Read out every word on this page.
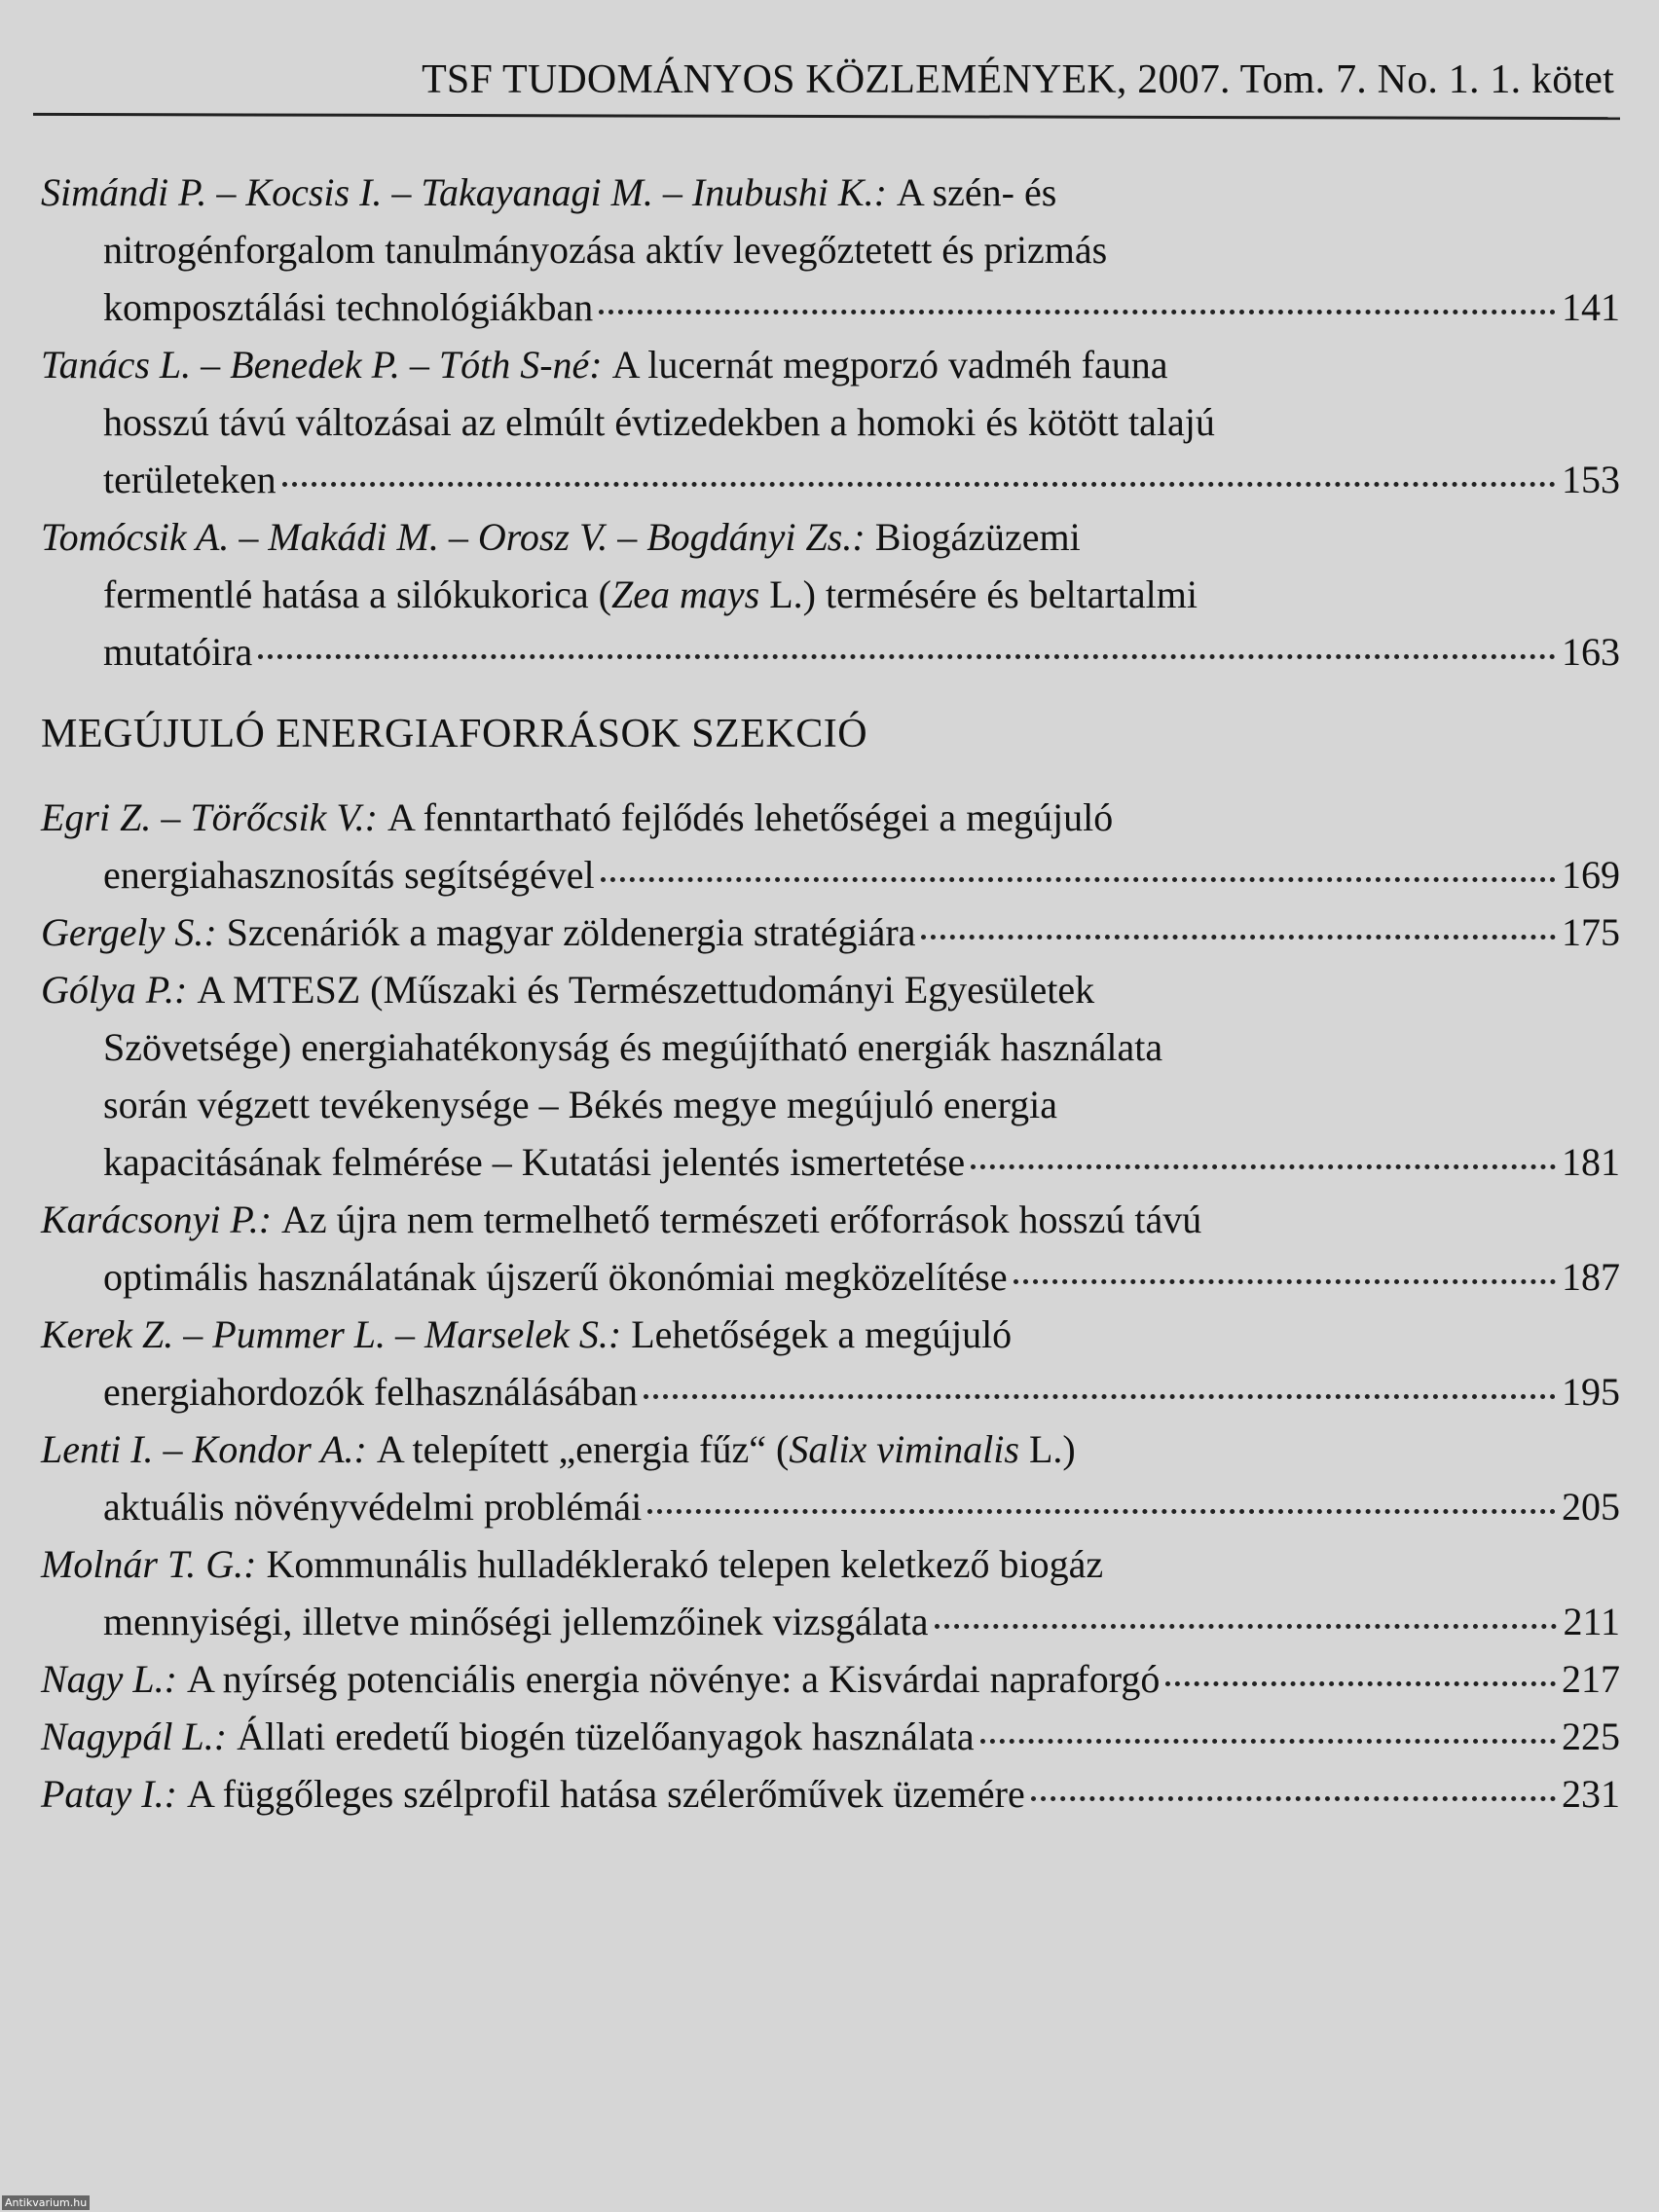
TSF TUDOMÁNYOS KÖZLEMÉNYEK, 2007. Tom. 7. No. 1. 1. kötet
Simándi P. – Kocsis I. – Takayanagi M. – Inubushi K.:
A szén- és
nitrogénforgalom tanulmányozása aktív levegőztetett és prizmás
komposztálási technológiákban	141
Tanács L. – Benedek P. – Tóth S-né:
A lucernát megporzó vadméh fauna
hosszú távú változásai az elmúlt évtizedekben a homoki és kötött talajú
területeken	153
Tomócsik A. – Makádi M. – Orosz V. – Bogdányi Zs.:
Biogázüzemi
fermentlé hatása a silókukorica ( Zea mays L.) termésére és beltartalmi
mutatóira	163
MEGÚJULÓ ENERGIAFORRÁSOK SZEKCIÓ
Egri Z. – Törőcsik V.:
A fenntartható fejlődés lehetőségei a megújuló
energiahasznosítás segítségével	169
Gergely S.:
Szcenáriók a magyar zöldenergia stratégiára	175
Gólya P.:
A MTESZ (Műszaki és Természettudományi Egyesületek
Szövetsége) energiahatékonyság és megújítható energiák használata
során végzett tevékenysége – Békés megye megújuló energia
kapacitásának felmérése – Kutatási jelentés ismertetése	181
Karácsonyi P.:
Az újra nem termelhető természeti erőforrások hosszú távú
optimális használatának újszerű ökonómiai megközelítése	187
Kerek Z. – Pummer L. – Marselek S.:
Lehetőségek a megújuló
energiahordozók felhasználásában	195
Lenti I. – Kondor A.:
A telepített „energia fűz“ ( Salix viminalis L.)
aktuális növényvédelmi problémái	205
Molnár T. G.:
Kommunális hulladéklerakó telepen keletkező biogáz
mennyiségi, illetve minőségi jellemzőinek vizsgálata	211
Nagy L.:
A nyírség potenciális energia növénye: a Kisvárdai napraforgó	217
Nagypál L.:
Állati eredetű biogén tüzelőanyagok használata	225
Patay I.:
A függőleges szélprofil hatása szélerőművek üzemére	231
Antikvarium.hu
